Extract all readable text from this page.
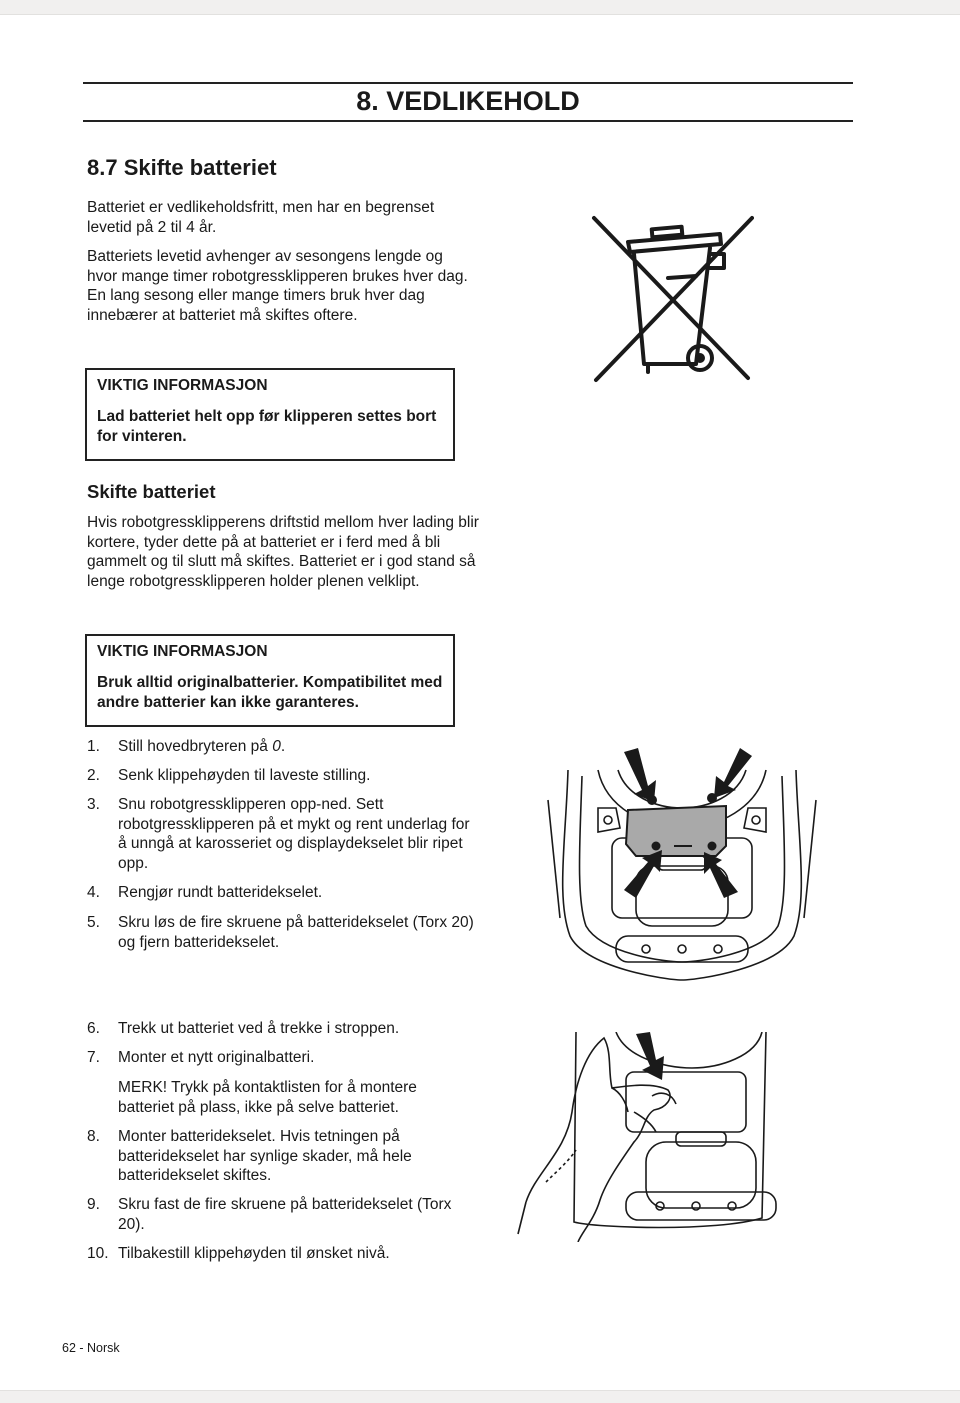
8. VEDLIKEHOLD
8.7 Skifte batteriet

Batteriet er vedlikeholdsfritt, men har en begrenset levetid på 2 til 4 år.

Batteriets levetid avhenger av sesongens lengde og hvor mange timer robotgressklipperen brukes hver dag. En lang sesong eller mange timers bruk hver dag innebærer at batteriet må skiftes oftere.

VIKTIG INFORMASJON

Lad batteriet helt opp før klipperen settes bort for vinteren.

Skifte batteriet

Hvis robotgressklipperens driftstid mellom hver lading blir kortere, tyder dette på at batteriet er i ferd med å bli gammelt og til slutt må skiftes. Batteriet er i god stand så lenge robotgressklipperen holder plenen velklipt.

VIKTIG INFORMASJON

Bruk alltid originalbatterier. Kompatibilitet med andre batterier kan ikke garanteres.

1.	Still hovedbryteren på 0.
2.	Senk klippehøyden til laveste stilling.
3.	Snu robotgressklipperen opp-ned. Sett robotgressklipperen på et mykt og rent underlag for å unngå at karosseriet og displaydekselet blir ripet opp.
4.	Rengjør rundt batteridekselet.
5.	Skru løs de fire skruene på batteridekselet (Torx 20) og fjern batteridekselet.
6.	Trekk ut batteriet ved å trekke i stroppen.
7.	Monter et nytt originalbatteri.
MERK! Trykk på kontaktlisten for å montere batteriet på plass, ikke på selve batteriet.
8.	Monter batteridekselet. Hvis tetningen på batteridekselet har synlige skader, må hele batteridekselet skiftes.
9.	Skru fast de fire skruene på batteridekselet (Torx 20).
10. Tilbakestill klippehøyden til ønsket nivå.
62 - Norsk
